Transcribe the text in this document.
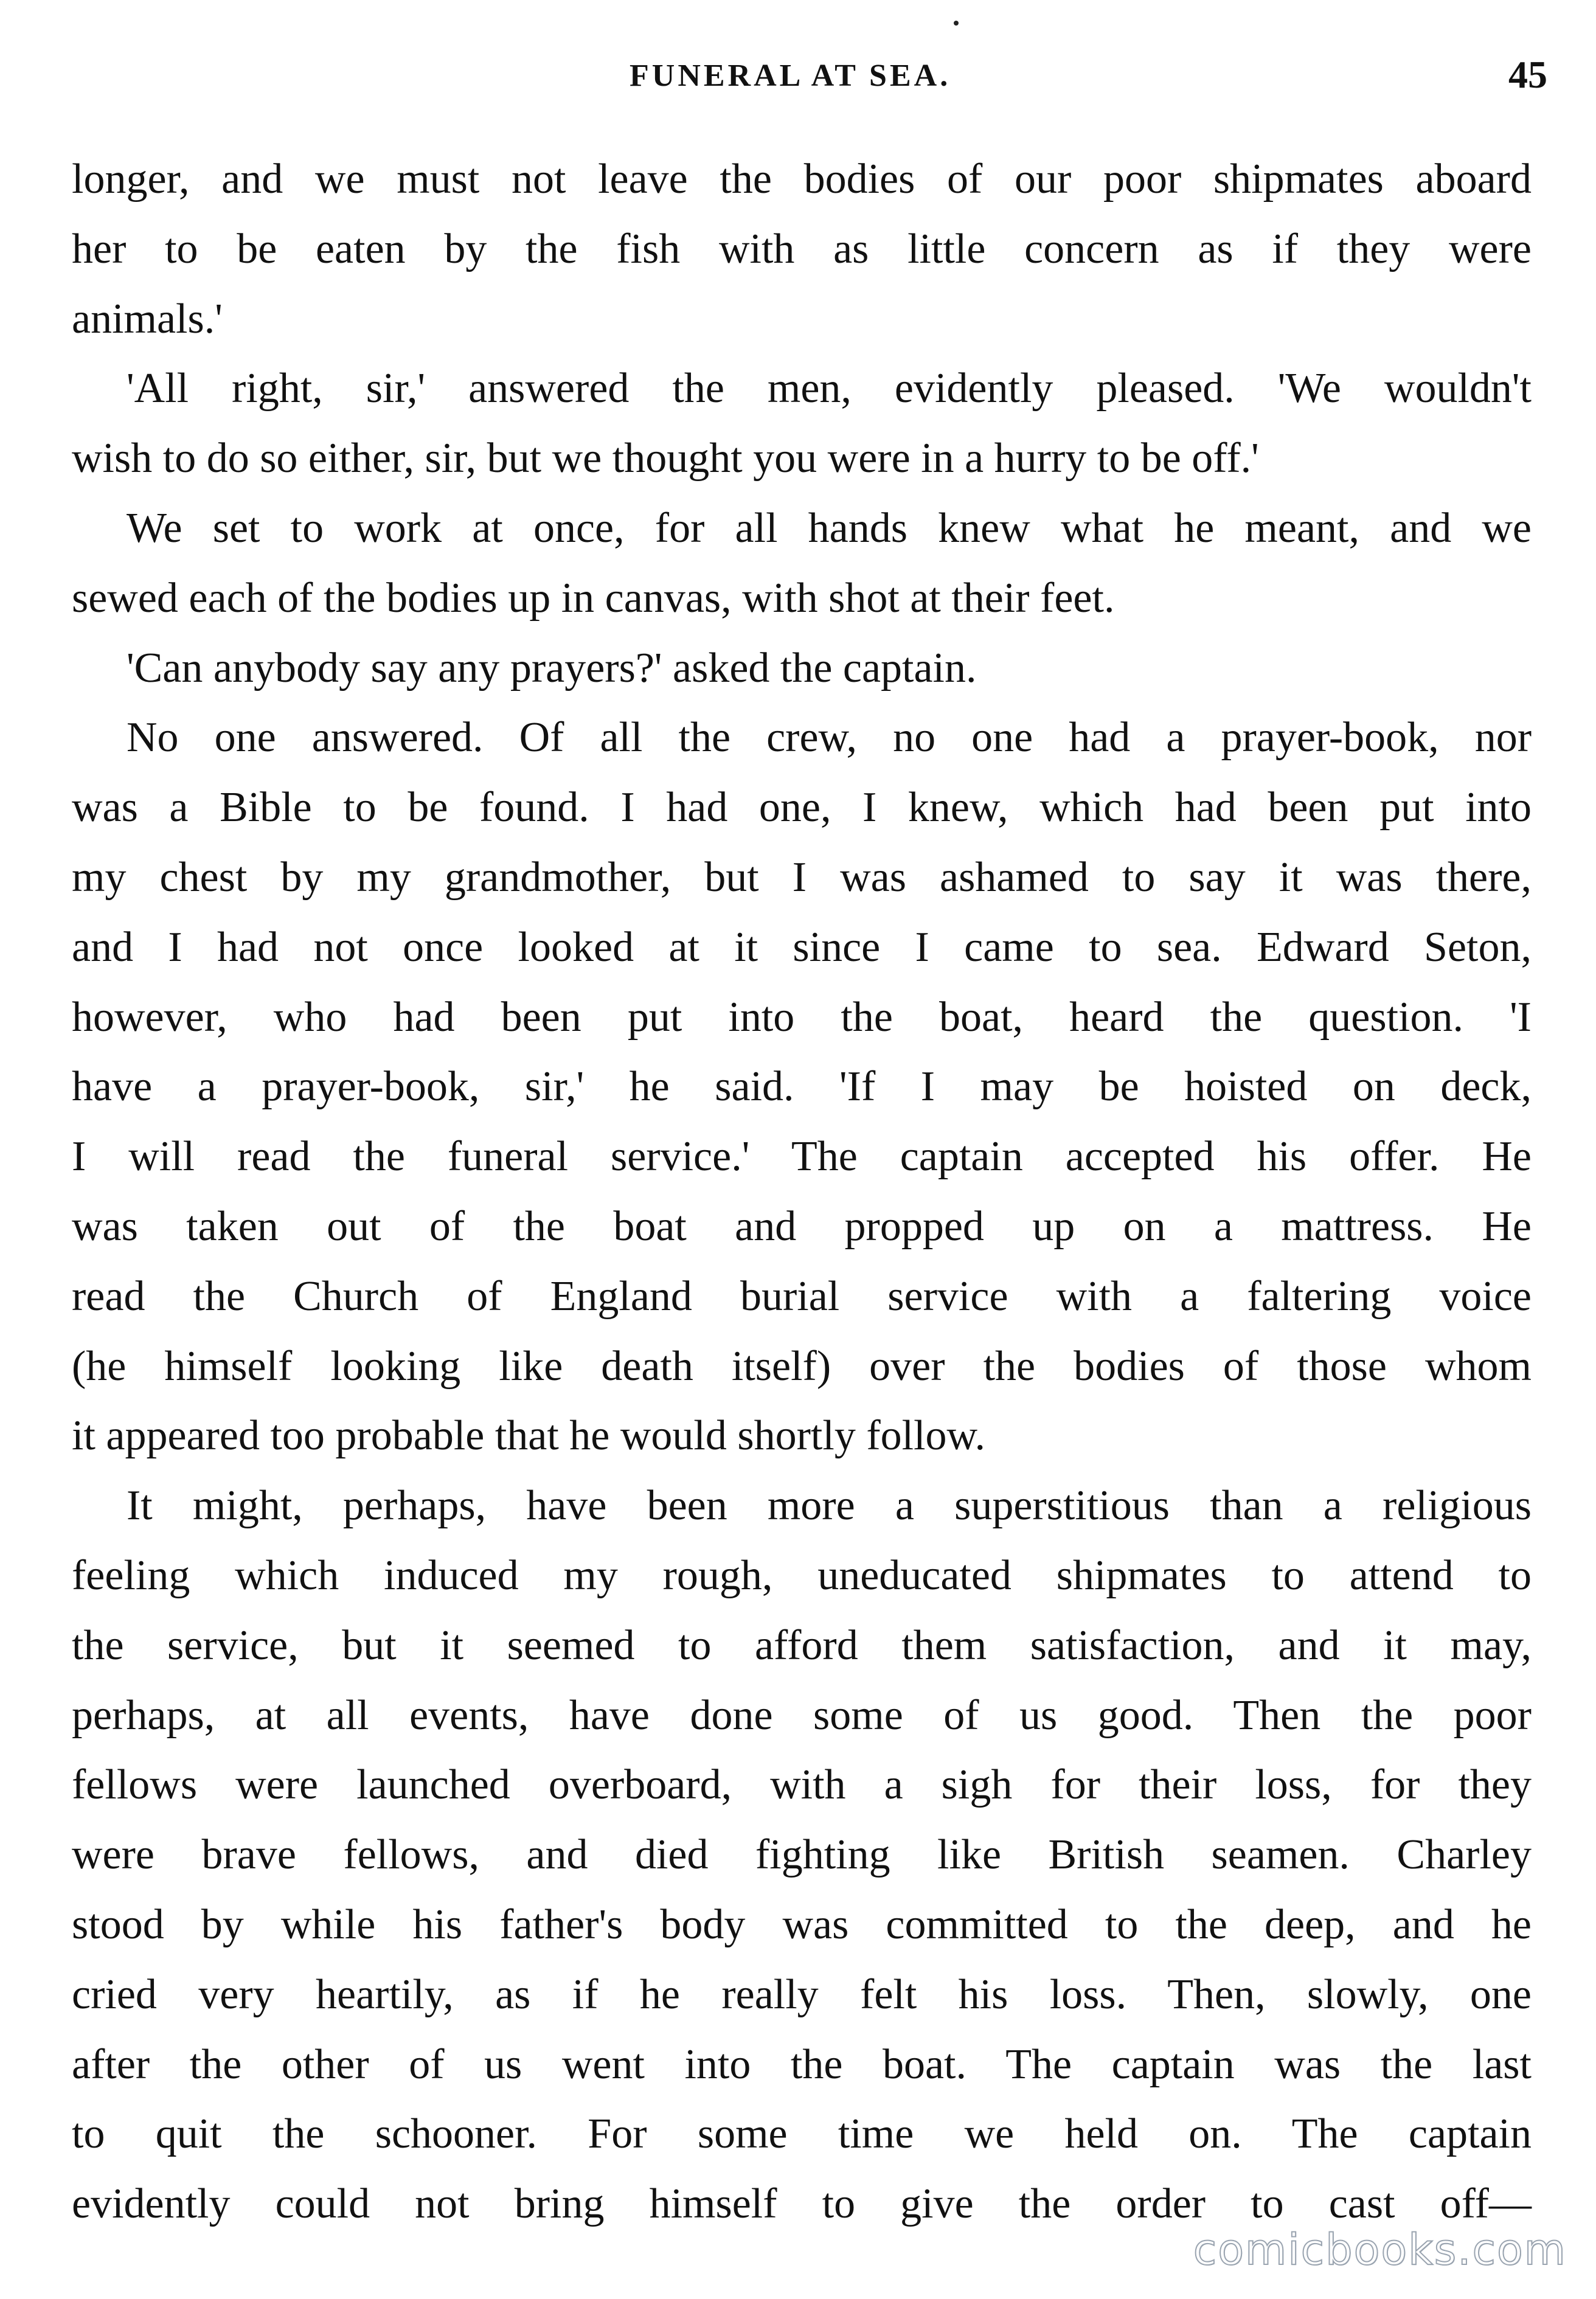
FUNERAL AT SEA.	45
longer, and we must not leave the bodies of our poor shipmates aboard
her to be eaten by the fish with as little concern as if they were
animals.'
'All right, sir,' answered the men, evidently pleased. 'We wouldn't
wish to do so either, sir, but we thought you were in a hurry to be off.'
We set to work at once, for all hands knew what he meant, and we
sewed each of the bodies up in canvas, with shot at their feet.
'Can anybody say any prayers?' asked the captain.
No one answered. Of all the crew, no one had a prayer-book, nor
was a Bible to be found. I had one, I knew, which had been put into
my chest by my grandmother, but I was ashamed to say it was there,
and I had not once looked at it since I came to sea. Edward Seton,
however, who had been put into the boat, heard the question. 'I
have a prayer-book, sir,' he said. 'If I may be hoisted on deck,
I will read the funeral service.' The captain accepted his offer. He
was taken out of the boat and propped up on a mattress. He
read the Church of England burial service with a faltering voice
(he himself looking like death itself) over the bodies of those whom
it appeared too probable that he would shortly follow.
It might, perhaps, have been more a superstitious than a religious
feeling which induced my rough, uneducated shipmates to attend to
the service, but it seemed to afford them satisfaction, and it may,
perhaps, at all events, have done some of us good. Then the poor
fellows were launched overboard, with a sigh for their loss, for they
were brave fellows, and died fighting like British seamen. Charley
stood by while his father's body was committed to the deep, and he
cried very heartily, as if he really felt his loss. Then, slowly, one
after the other of us went into the boat. The captain was the last
to quit the schooner. For some time we held on. The captain
evidently could not bring himself to give the order to cast off—
comicbooks.com
